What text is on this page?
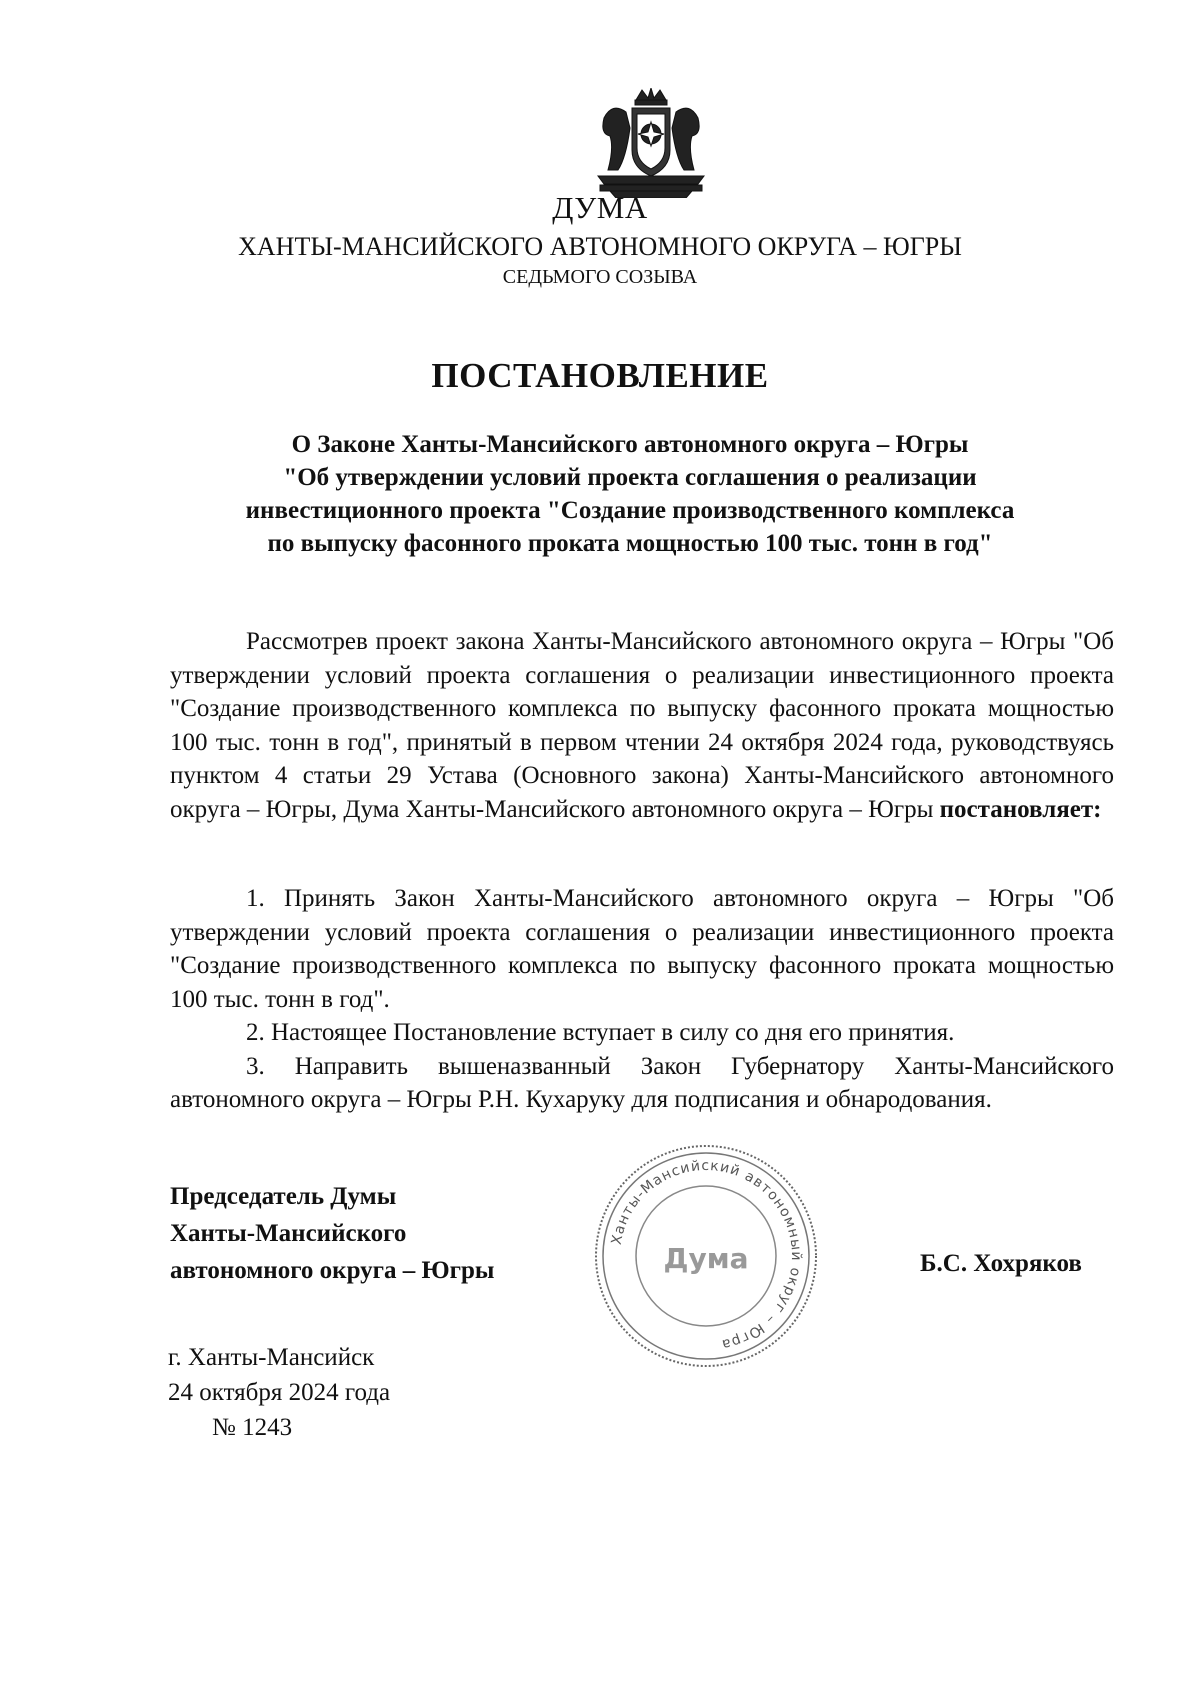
ДУМА
ХАНТЫ-МАНСИЙСКОГО АВТОНОМНОГО ОКРУГА – ЮГРЫ
СЕДЬМОГО СОЗЫВА
ПОСТАНОВЛЕНИЕ
О Законе Ханты-Мансийского автономного округа – Югры
"Об утверждении условий проекта соглашения о реализации
инвестиционного проекта "Создание производственного комплекса
по выпуску фасонного проката мощностью 100 тыс. тонн в год"

Рассмотрев проект закона Ханты-Мансийского автономного округа – Югры "Об утверждении условий проекта соглашения о реализации инвестиционного проекта "Создание производственного комплекса по выпуску фасонного проката мощностью 100 тыс. тонн в год", принятый в первом чтении 24 октября 2024 года, руководствуясь пунктом 4 статьи 29 Устава (Основного закона) Ханты-Мансийского автономного округа – Югры, Дума Ханты-Мансийского автономного округа – Югры постановляет:

1. Принять Закон Ханты-Мансийского автономного округа – Югры "Об утверждении условий проекта соглашения о реализации инвестиционного проекта "Создание производственного комплекса по выпуску фасонного проката мощностью 100 тыс. тонн в год".

2. Настоящее Постановление вступает в силу со дня его принятия.

3. Направить вышеназванный Закон Губернатору Ханты-Мансийского автономного округа – Югры Р.Н. Кухаруку для подписания и обнародования.

Председатель Думы
Ханты-Мансийского
автономного округа – Югры
Ханты-Мансийский автономный округ – Югра
Дума	Б.С. Хохряков
г. Ханты-Мансийск
24 октября 2024 года
№ 1243
